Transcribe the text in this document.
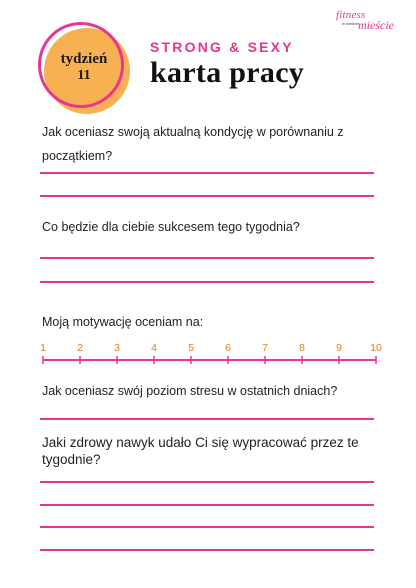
fitness
w wielkim
mieście
tydzień
11
STRONG & SEXY
karta pracy
Jak oceniasz swoją aktualną kondycję w porównaniu z
początkiem?
Co będzie dla ciebie sukcesem tego tygodnia?
Moją motywację oceniam na:
1	2	3	4	5	6	7	8	9	10
Jak oceniasz swój poziom stresu w ostatnich dniach?
Jaki zdrowy nawyk udało Ci się wypracować przez te
tygodnie?
